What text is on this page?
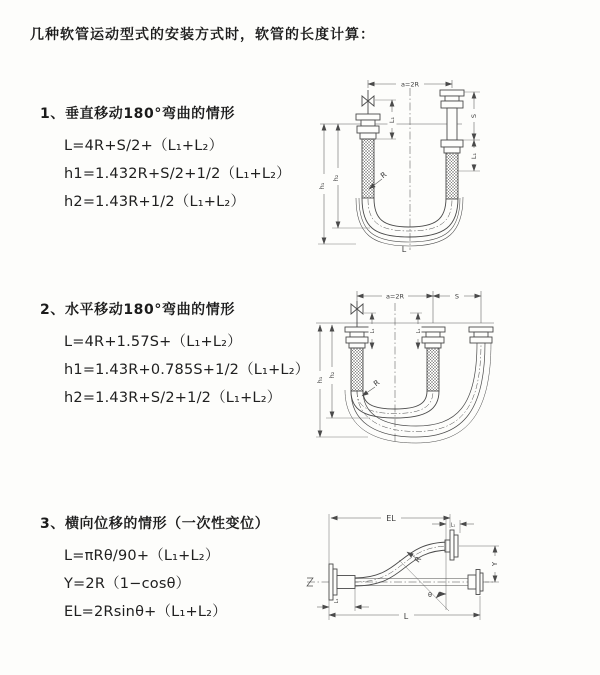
几种软管运动型式的安装方式时，软管的长度计算：
1、垂直移动180°弯曲的情形
L=4R+S/2+（L₁+L₂）
h1=1.432R+S/2+1/2（L₁+L₂）
h2=1.43R+1/2（L₁+L₂）
2、水平移动180°弯曲的情形
L=4R+1.57S+（L₁+L₂）
h1=1.43R+0.785S+1/2（L₁+L₂）
h2=1.43R+S/2+1/2（L₁+L₂）
3、横向位移的情形（一次性变位）
L=πRθ/90+（L₁+L₂）
Y=2R（1−cosθ）
EL=2Rsinθ+（L₁+L₂）
a=2R
h₁
h₂
L₁
S
L₁
R
L
a=2R	S
h₁
h₂
L₁	L₁
R
EL
L
Y
L₁
L₁
R
θ
